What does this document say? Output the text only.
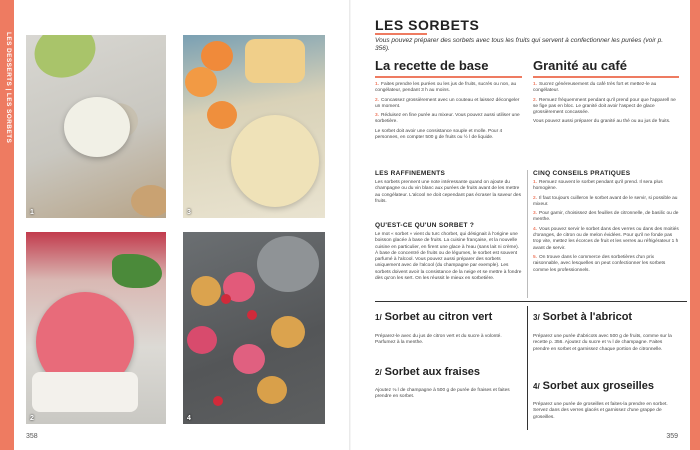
LES DESSERTS | LES SORBETS
1	3
2	4
358
LES SORBETS
Vous pouvez préparer des sorbets avec tous les fruits qui servent à confectionner les purées (voir p. 356).
La recette de base

1. Faites prendre les purées ou les jus de fruits, sucrés ou non, au congélateur, pendant 3 h au moins.

2. Concassez grossièrement avec un couteau et laissez décongeler un moment.

3. Réduisez en fine purée au mixeur. Vous pouvez aussi utiliser une sorbetière.

Le sorbet doit avoir une consistance souple et molle. Pour 4 personnes, en compter 500 g de fruits ou ½ l de liquide.

LES RAFFINEMENTS
Les sorbets prennent une note intéressante quand on ajoute du champagne ou du vin blanc aux purées de fruits avant de les mettre au congélateur. L'alcool ne doit cependant pas écraser la saveur des fruits.
QU'EST-CE QU'UN SORBET ?
Le mot « sorbet » vient du turc chorbet, qui désignait à l'origine une boisson glacée à base de fruits. La cuisine française, et la nouvelle cuisine en particulier, en firent une glace à l'eau (sans lait ni crème). À base de concentré de fruits ou de légumes, le sorbet est souvent parfumé à l'alcool. Vous pouvez aussi préparer des sorbets uniquement avec de l'alcool (du champagne par exemple). Les sorbets doivent avoir la consistance de la neige et se mettre à fondre dès qu'on les sert. On les réussit le mieux en sorbetière.
Granité au café

1. Sucrez généreusement du café très fort et mettez-le au congélateur.

2. Remuez fréquemment pendant qu'il prend pour que l'apparell ne se fige pas en bloc. Le granité doit avoir l'aspect de glace grossièrement concassée.

Vous pouvez aussi préparer du granité au thé ou au jus de fruits.

CINQ CONSEILS PRATIQUES

1. Remuez souvent le sorbet pendant qu'il prend. Il sera plus homogène.

2. Il faut toujours cuilleron le sorbet avant de le servir, si possible au mixeur.

3. Pour garnir, choisissez des feuilles de citronnelle, de basilic ou de menthe.

4. Vous pouvez servir le sorbet dans des verres ou dans des moitiés d'oranges, de citron ou de melon évidées. Pour qu'il ne fonde pas trop vite, mettez les écorces de fruit et les verres au réfrigérateur 1 h avant de servir.

5. On trouve dans le commerce des sorbetières d'un prix raisonnable, avec lesquelles on peut confectionner les sorbets comme les professionnels.

1/ Sorbet au citron vert
Préparez-le avec du jus de citron vert et du sucre à volonté. Parfumez à la menthe.
2/ Sorbet aux fraises
Ajoutez ⅛ l de champagne à 500 g de purée de fraises et faites prendre en sorbet.
3/ Sorbet à l'abricot
Préparez une purée d'abricots avec 500 g de fruits, comme sur la recette p. 356. Ajoutez du sucre et ⅛ l de champagne. Faites prendre en sorbet et garnissez chaque portion de citronnelle.
4/ Sorbet aux groseilles
Préparez une purée de groseilles et faites-la prendre en sorbet. Servez dans des verres glacés et garnissez d'une grappe de groseilles.
359
